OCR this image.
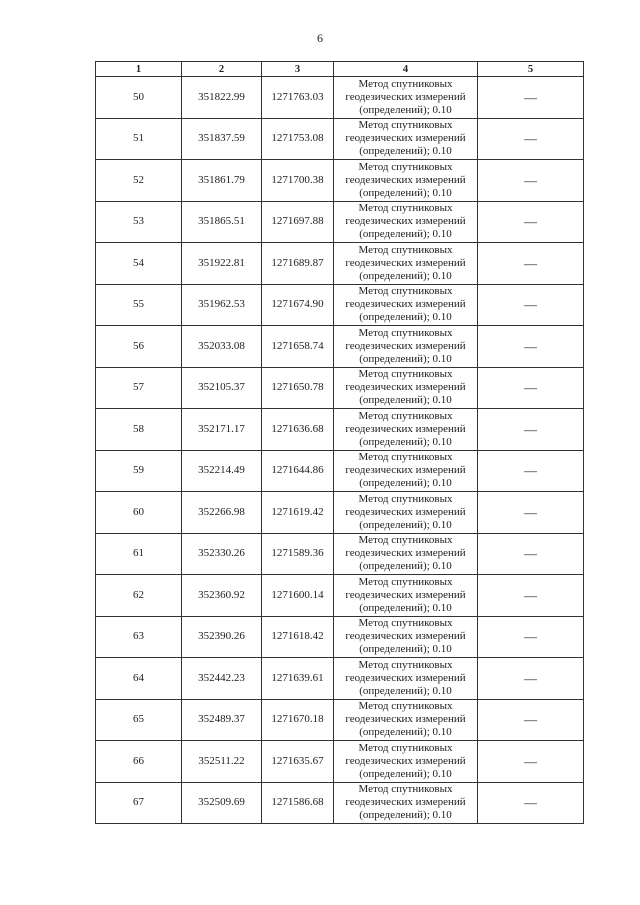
6
1	2	3	4	5
50	351822.99	1271763.03	Метод спутниковых
геодезических измерений
(определений); 0.10	—
51	351837.59	1271753.08	Метод спутниковых
геодезических измерений
(определений); 0.10	—
52	351861.79	1271700.38	Метод спутниковых
геодезических измерений
(определений); 0.10	—
53	351865.51	1271697.88	Метод спутниковых
геодезических измерений
(определений); 0.10	—
54	351922.81	1271689.87	Метод спутниковых
геодезических измерений
(определений); 0.10	—
55	351962.53	1271674.90	Метод спутниковых
геодезических измерений
(определений); 0.10	—
56	352033.08	1271658.74	Метод спутниковых
геодезических измерений
(определений); 0.10	—
57	352105.37	1271650.78	Метод спутниковых
геодезических измерений
(определений); 0.10	—
58	352171.17	1271636.68	Метод спутниковых
геодезических измерений
(определений); 0.10	—
59	352214.49	1271644.86	Метод спутниковых
геодезических измерений
(определений); 0.10	—
60	352266.98	1271619.42	Метод спутниковых
геодезических измерений
(определений); 0.10	—
61	352330.26	1271589.36	Метод спутниковых
геодезических измерений
(определений); 0.10	—
62	352360.92	1271600.14	Метод спутниковых
геодезических измерений
(определений); 0.10	—
63	352390.26	1271618.42	Метод спутниковых
геодезических измерений
(определений); 0.10	—
64	352442.23	1271639.61	Метод спутниковых
геодезических измерений
(определений); 0.10	—
65	352489.37	1271670.18	Метод спутниковых
геодезических измерений
(определений); 0.10	—
66	352511.22	1271635.67	Метод спутниковых
геодезических измерений
(определений); 0.10	—
67	352509.69	1271586.68	Метод спутниковых
геодезических измерений
(определений); 0.10	—
